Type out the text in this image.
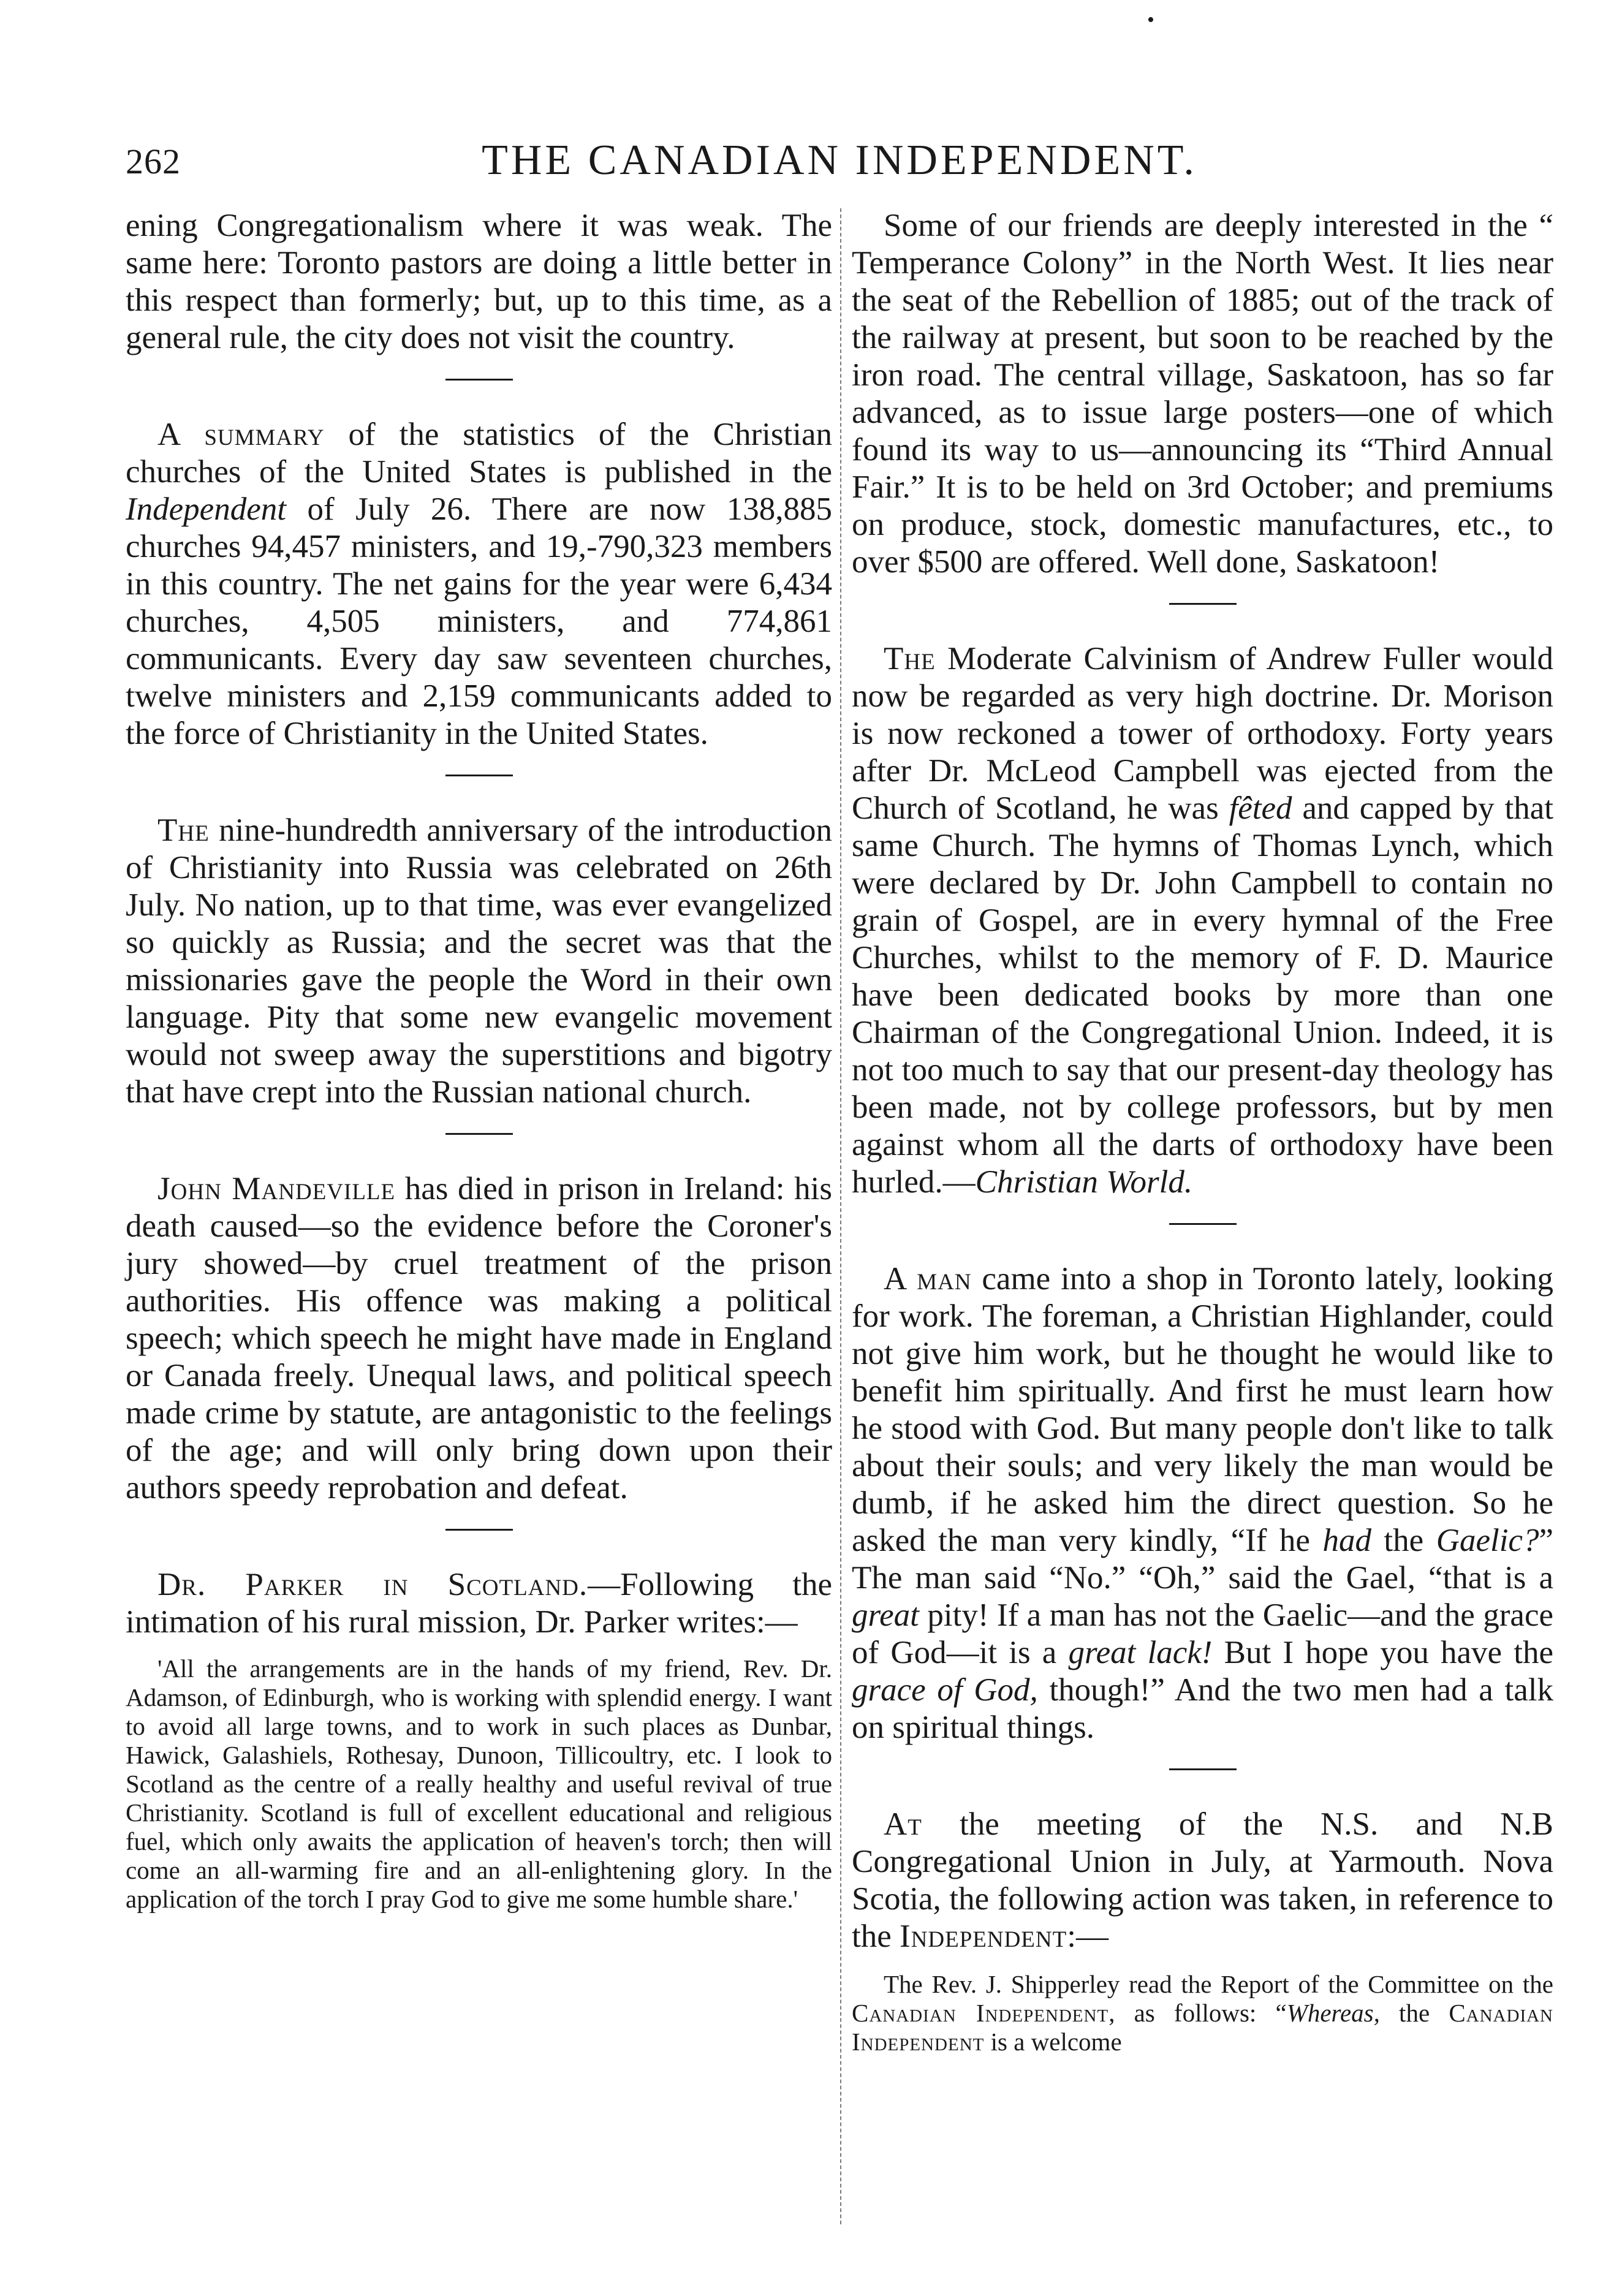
•
262	THE CANADIAN INDEPENDENT.

ening Congregationalism where it was weak. The same here: Toronto pastors are doing a little better in this respect than formerly; but, up to this time, as a general rule, the city does not visit the country.

A summary of the statistics of the Christian churches of the United States is published in the Independent of July 26. There are now 138,885 churches 94,457 ministers, and 19,-790,323 members in this country. The net gains for the year were 6,434 churches, 4,505 ministers, and 774,861 communicants. Every day saw seventeen churches, twelve ministers and 2,159 communicants added to the force of Christianity in the United States.

The nine-hundredth anniversary of the introduction of Christianity into Russia was celebrated on 26th July. No nation, up to that time, was ever evangelized so quickly as Russia; and the secret was that the missionaries gave the people the Word in their own language. Pity that some new evangelic movement would not sweep away the superstitions and bigotry that have crept into the Russian national church.

John Mandeville has died in prison in Ireland: his death caused—so the evidence before the Coroner's jury showed—by cruel treatment of the prison authorities. His offence was making a political speech; which speech he might have made in England or Canada freely. Unequal laws, and political speech made crime by statute, are antagonistic to the feelings of the age; and will only bring down upon their authors speedy reprobation and defeat.

Dr. Parker in Scotland.—Following the intimation of his rural mission, Dr. Parker writes:—

'All the arrangements are in the hands of my friend, Rev. Dr. Adamson, of Edinburgh, who is working with splendid energy. I want to avoid all large towns, and to work in such places as Dunbar, Hawick, Galashiels, Rothesay, Dunoon, Tillicoultry, etc. I look to Scotland as the centre of a really healthy and useful revival of true Christianity. Scotland is full of excellent educational and religious fuel, which only awaits the application of heaven's torch; then will come an all-warming fire and an all-enlightening glory. In the application of the torch I pray God to give me some humble share.'

Some of our friends are deeply interested in the “ Temperance Colony” in the North West. It lies near the seat of the Rebellion of 1885; out of the track of the railway at present, but soon to be reached by the iron road. The central village, Saskatoon, has so far advanced, as to issue large posters—one of which found its way to us—announcing its “Third Annual Fair.” It is to be held on 3rd October; and premiums on produce, stock, domestic manufactures, etc., to over $500 are offered. Well done, Saskatoon!

The Moderate Calvinism of Andrew Fuller would now be regarded as very high doctrine. Dr. Morison is now reckoned a tower of orthodoxy. Forty years after Dr. McLeod Campbell was ejected from the Church of Scotland, he was fêted and capped by that same Church. The hymns of Thomas Lynch, which were declared by Dr. John Campbell to contain no grain of Gospel, are in every hymnal of the Free Churches, whilst to the memory of F. D. Maurice have been dedicated books by more than one Chairman of the Congregational Union. Indeed, it is not too much to say that our present-day theology has been made, not by college professors, but by men against whom all the darts of orthodoxy have been hurled.—Christian World.

A man came into a shop in Toronto lately, looking for work. The foreman, a Christian Highlander, could not give him work, but he thought he would like to benefit him spiritually. And first he must learn how he stood with God. But many people don't like to talk about their souls; and very likely the man would be dumb, if he asked him the direct question. So he asked the man very kindly, “If he had the Gaelic?” The man said “No.” “Oh,” said the Gael, “that is a great pity! If a man has not the Gaelic—and the grace of God—it is a great lack! But I hope you have the grace of God, though!” And the two men had a talk on spiritual things.

At the meeting of the N.S. and N.B Congregational Union in July, at Yarmouth. Nova Scotia, the following action was taken, in reference to the Independent:—

The Rev. J. Shipperley read the Report of the Committee on the Canadian Independent, as follows: “Whereas, the Canadian Independent is a welcome
